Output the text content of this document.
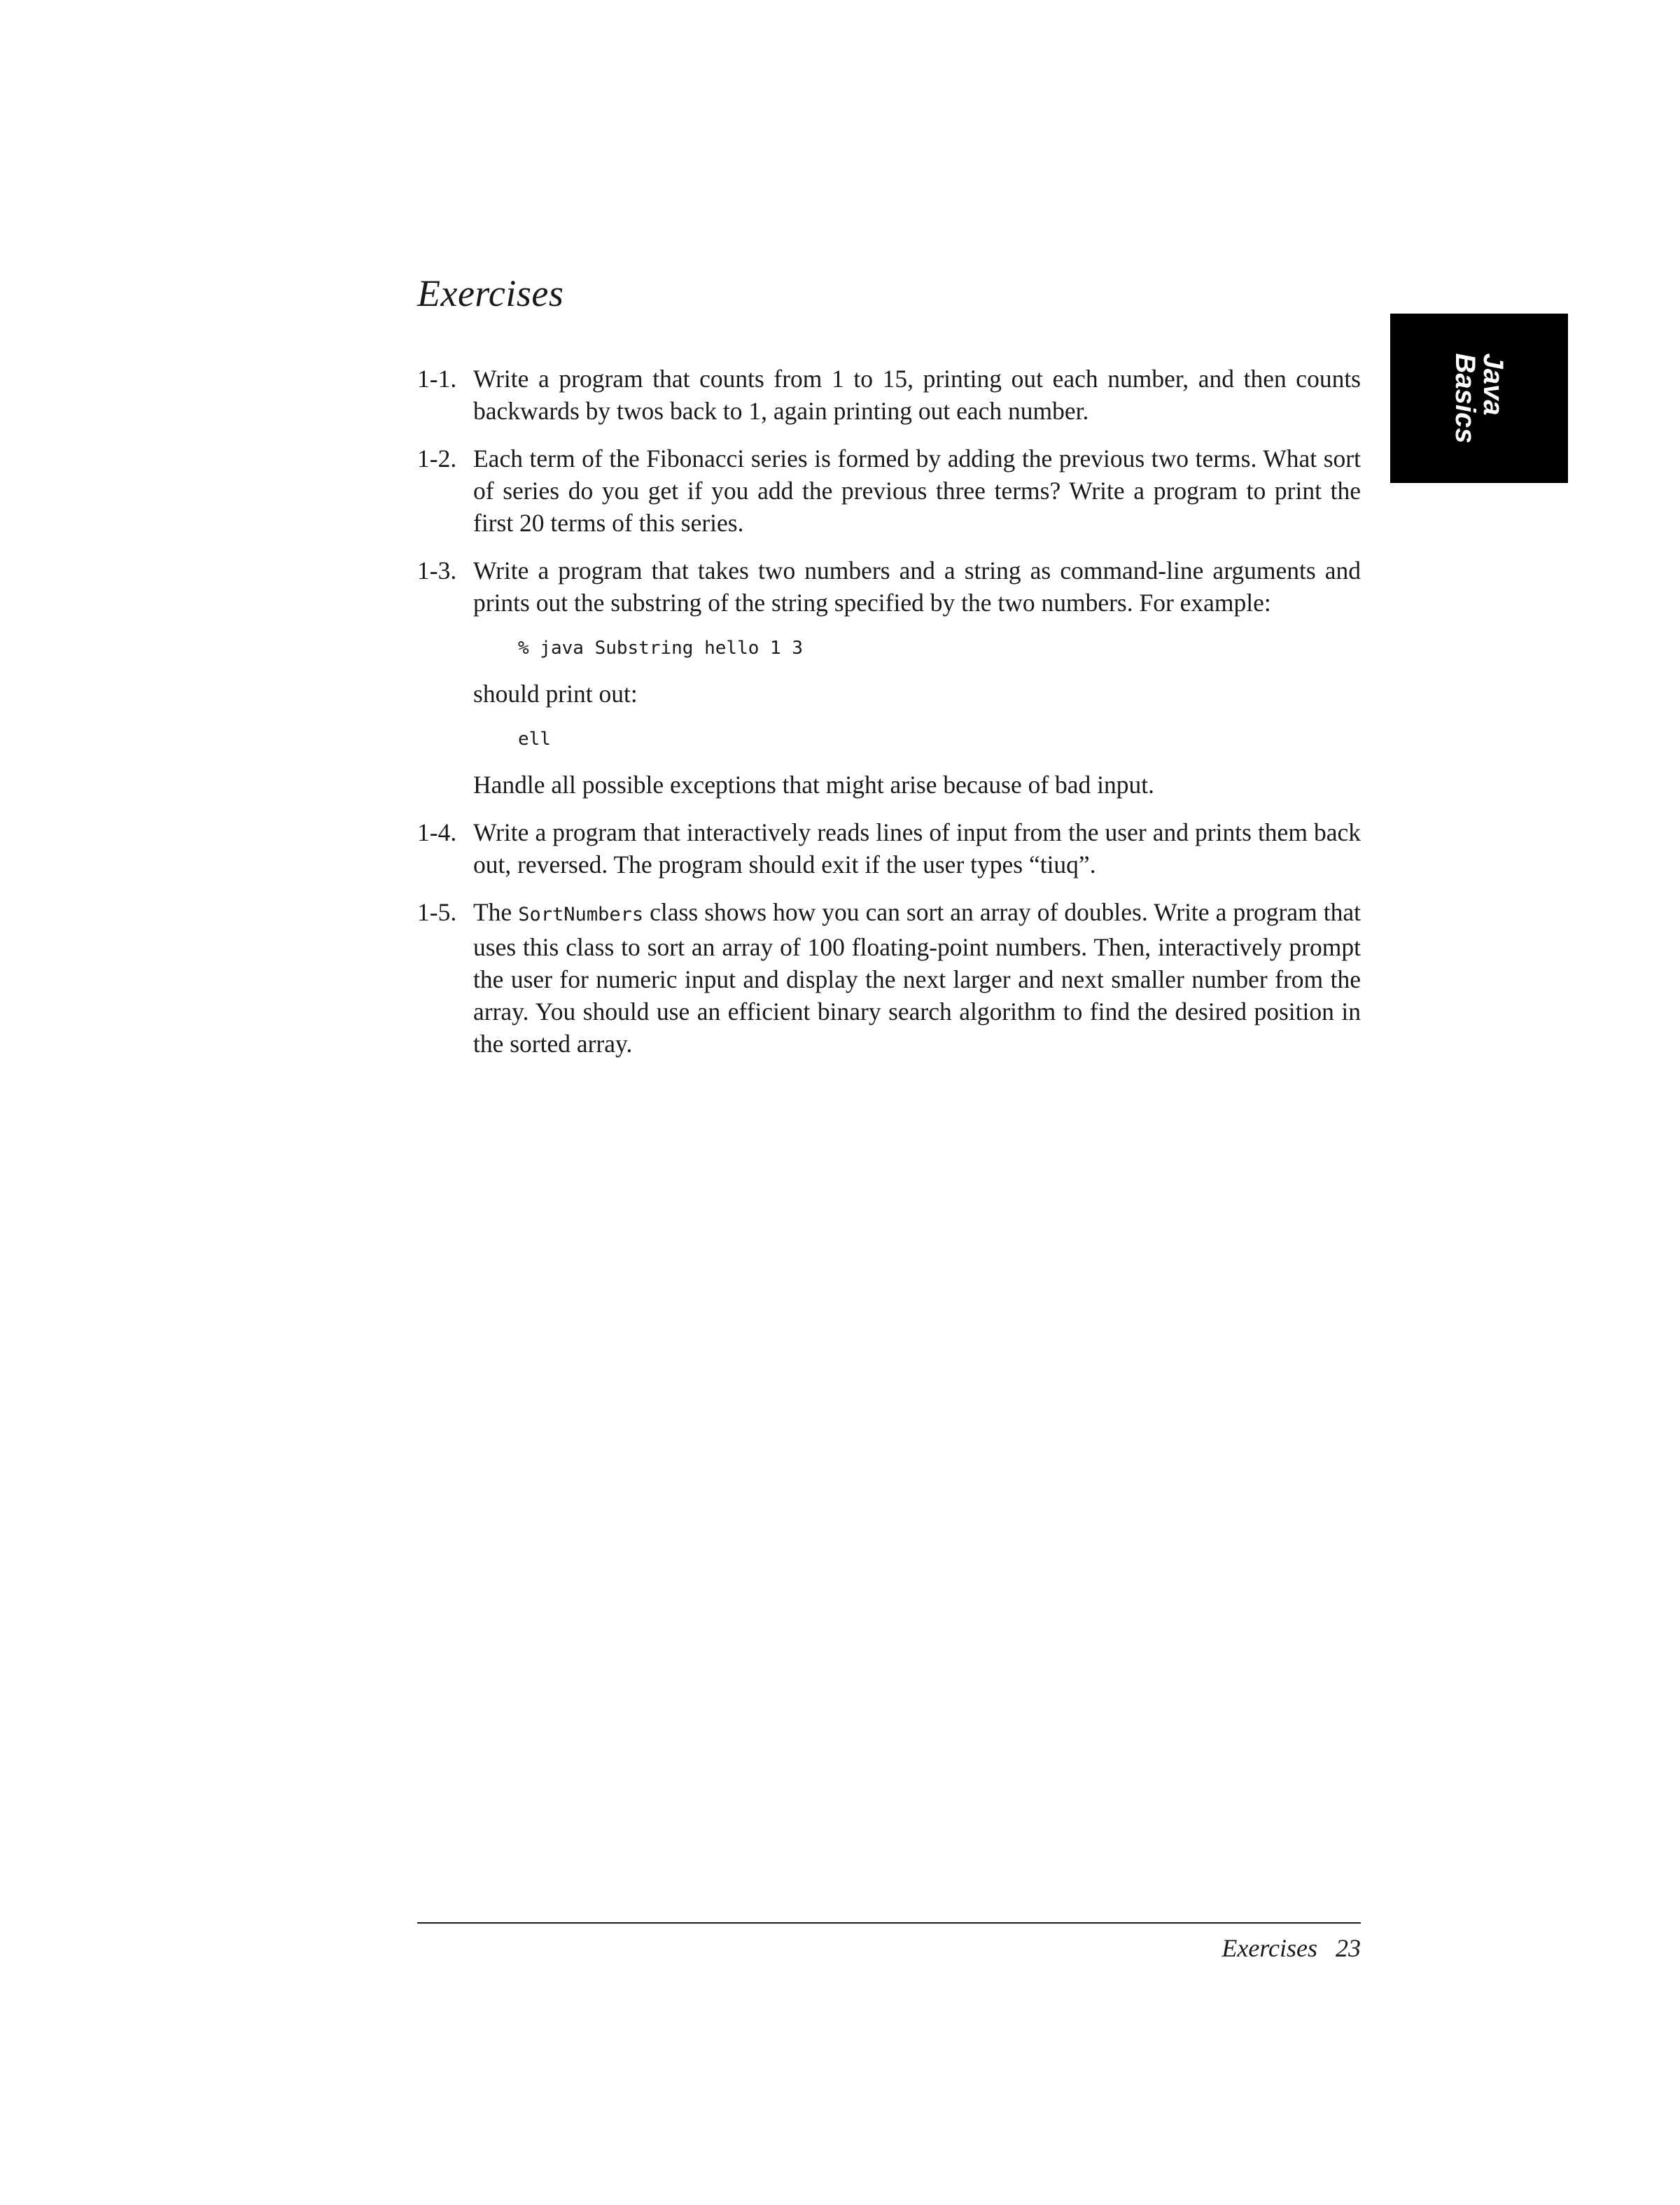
Exercises
Java
Basics
1-1. Write a program that counts from 1 to 15, printing out each number, and then counts backwards by twos back to 1, again printing out each number.

1-2. Each term of the Fibonacci series is formed by adding the previous two terms. What sort of series do you get if you add the previous three terms? Write a program to print the first 20 terms of this series.

1-3. Write a program that takes two numbers and a string as command-line arguments and prints out the substring of the string specified by the two numbers. For example:

% java Substring hello 1 3

should print out:

ell

Handle all possible exceptions that might arise because of bad input.

1-4. Write a program that interactively reads lines of input from the user and prints them back out, reversed. The program should exit if the user types “tiuq”.

1-5. The SortNumbers class shows how you can sort an array of doubles. Write a program that uses this class to sort an array of 100 floating-point numbers. Then, interactively prompt the user for numeric input and display the next larger and next smaller number from the array. You should use an efficient binary search algorithm to find the desired position in the sorted array.

Exercises 23
